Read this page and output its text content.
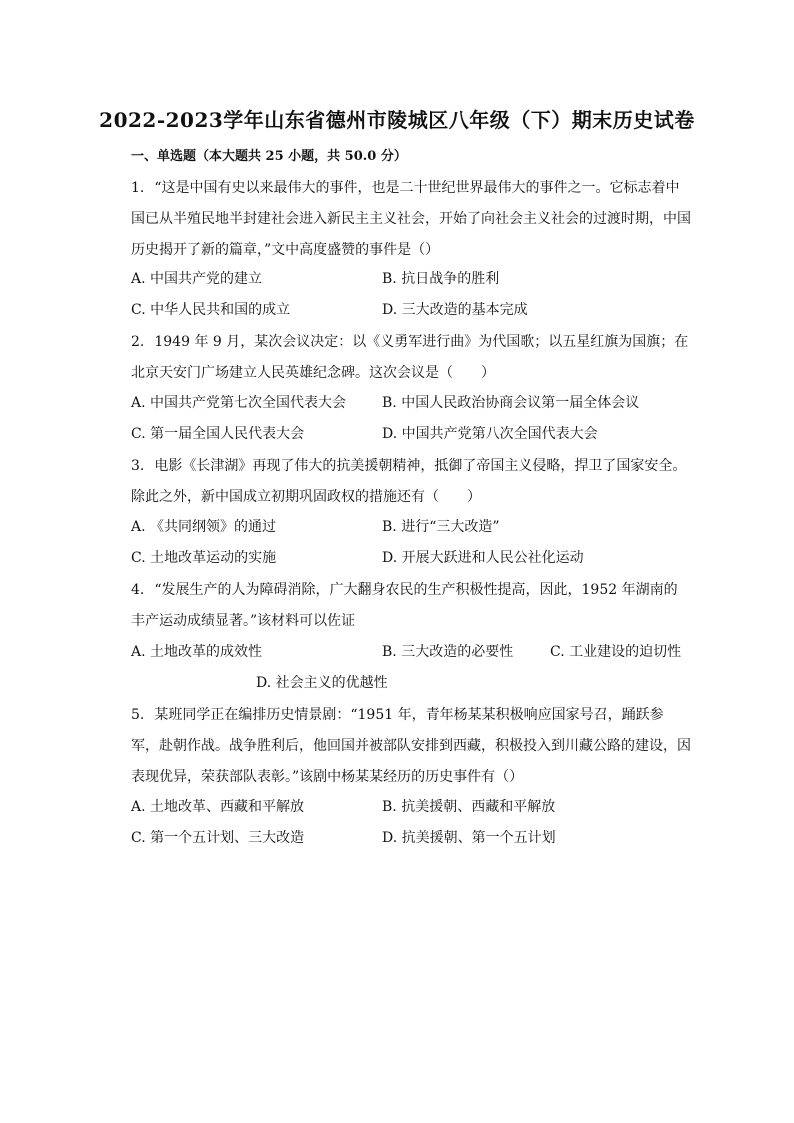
2022-2023学年山东省德州市陵城区八年级（下）期末历史试卷
一、单选题（本大题共 25 小题，共 50.0 分）
1. “这是中国有史以来最伟大的事件，也是二十世纪世界最伟大的事件之一。它标志着中国已从半殖民地半封建社会进入新民主主义社会，开始了向社会主义社会的过渡时期，中国历史揭开了新的篇章，”文中高度盛赞的事件是（）
A. 中国共产党的建立	B. 抗日战争的胜利
C. 中华人民共和国的成立	D. 三大改造的基本完成
2. 1949 年 9 月，某次会议决定：以《义勇军进行曲》为代国歌；以五星红旗为国旗；在北京天安门广场建立人民英雄纪念碑。这次会议是（　　）
A. 中国共产党第七次全国代表大会	B. 中国人民政治协商会议第一届全体会议
C. 第一届全国人民代表大会	D. 中国共产党第八次全国代表大会
3. 电影《长津湖》再现了伟大的抗美援朝精神，抵御了帝国主义侵略，捍卫了国家安全。除此之外，新中国成立初期巩固政权的措施还有（　　）
A. 《共同纲领》的通过	B. 进行“三大改造”
C. 土地改革运动的实施	D. 开展大跃进和人民公社化运动
4. “发展生产的人为障碍消除，广大翻身农民的生产积极性提高，因此，1952 年湖南的丰产运动成绩显著。”该材料可以佐证
A. 土地改革的成效性	B. 三大改造的必要性	C. 工业建设的迫切性
D. 社会主义的优越性
5. 某班同学正在编排历史情景剧：“1951 年，青年杨某某积极响应国家号召，踊跃参军，赴朝作战。战争胜利后，他回国并被部队安排到西藏，积极投入到川藏公路的建设，因表现优异，荣获部队表彰。”该剧中杨某某经历的历史事件有（）
A. 土地改革、西藏和平解放	B. 抗美援朝、西藏和平解放
C. 第一个五计划、三大改造	D. 抗美援朝、第一个五计划
